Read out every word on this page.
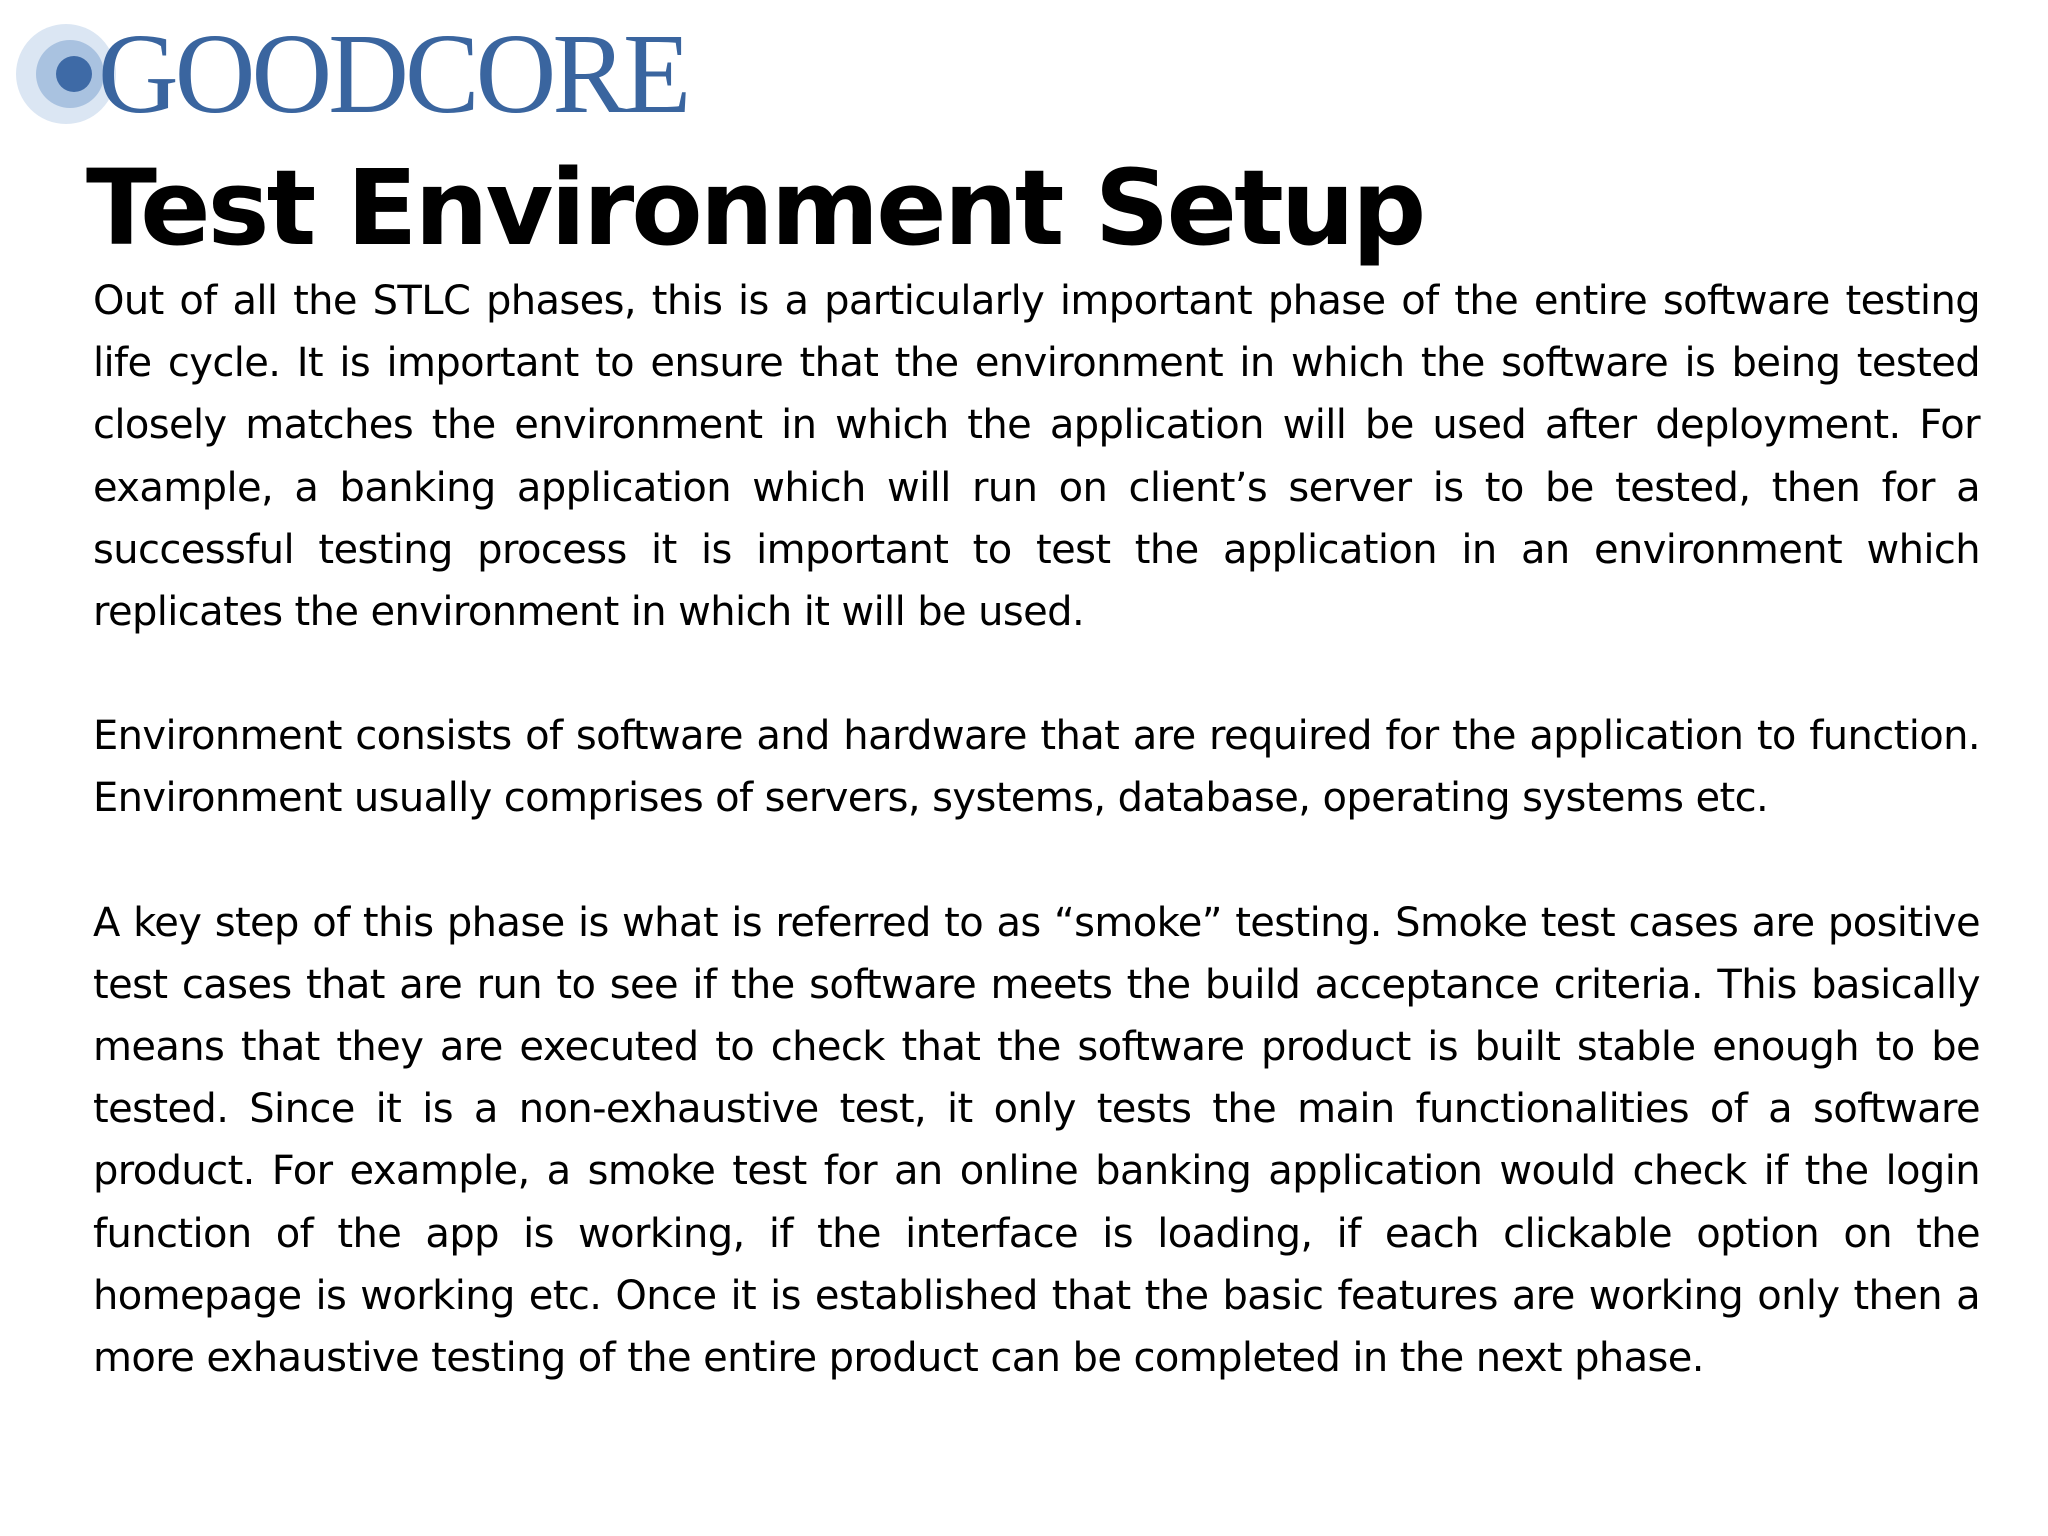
GOODCORE
Test Environment Setup

Out of all the STLC phases, this is a particularly important phase of the entire software testing life cycle. It is important to ensure that the environment in which the software is being tested closely matches the environment in which the application will be used after deployment. For example, a banking application which will run on client’s server is to be tested, then for a successful testing process it is important to test the application in an environment which replicates the environment in which it will be used.

Environment consists of software and hardware that are required for the application to function. Environment usually comprises of servers, systems, database, operating systems etc.

A key step of this phase is what is referred to as “smoke” testing. Smoke test cases are positive test cases that are run to see if the software meets the build acceptance criteria. This basically means that they are executed to check that the software product is built stable enough to be tested. Since it is a non-exhaustive test, it only tests the main functionalities of a software product. For example, a smoke test for an online banking application would check if the login function of the app is working, if the interface is loading, if each clickable option on the homepage is working etc. Once it is established that the basic features are working only then a more exhaustive testing of the entire product can be completed in the next phase.
